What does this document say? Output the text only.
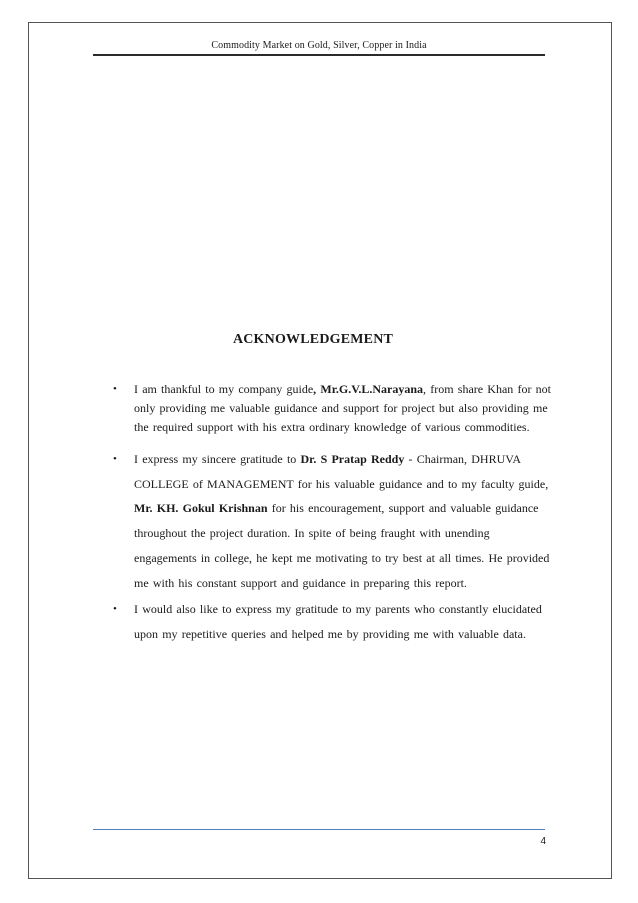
Commodity Market on Gold, Silver, Copper in India
ACKNOWLEDGEMENT
• I am thankful to my company guide, Mr.G.V.L.Narayana, from share Khan for not only providing me valuable guidance and support for project but also providing me the required support with his extra ordinary knowledge of various commodities.
• I express my sincere gratitude to Dr. S Pratap Reddy - Chairman, DHRUVA COLLEGE of MANAGEMENT for his valuable guidance and to my faculty guide, Mr. KH. Gokul Krishnan for his encouragement, support and valuable guidance throughout the project duration. In spite of being fraught with unending engagements in college, he kept me motivating to try best at all times. He provided me with his constant support and guidance in preparing this report.
• I would also like to express my gratitude to my parents who constantly elucidated upon my repetitive queries and helped me by providing me with valuable data.
4
